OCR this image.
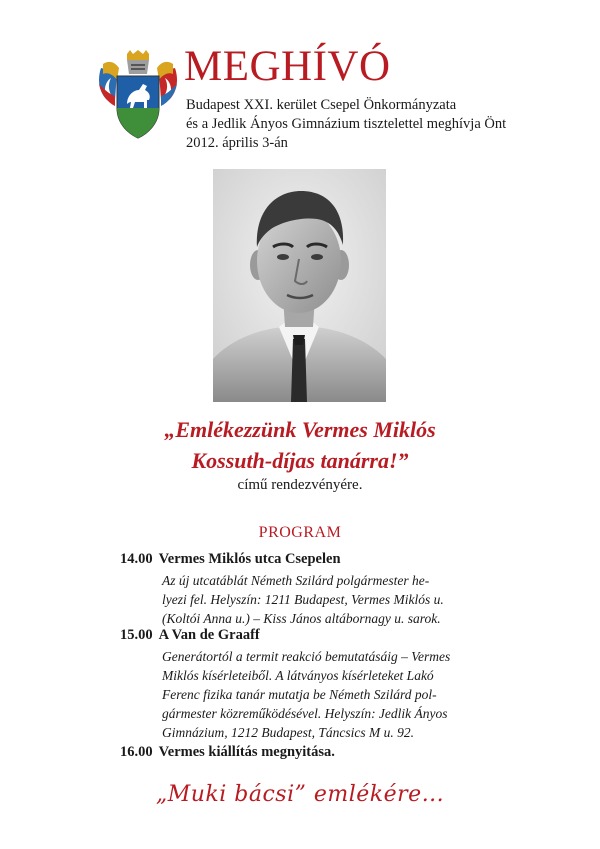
MEGHÍVÓ
Budapest XXI. kerület Csepel Önkormányzata
és a Jedlik Ányos Gimnázium tisztelettel meghívja Önt
2012. április 3-án
„Emlékezzünk Vermes Miklós
Kossuth-díjas tanárra!”
című rendezvényére.
PROGRAM
14.00 Vermes Miklós utca Csepelen
Az új utcatáblát Németh Szilárd polgármester he-
lyezi fel. Helyszín: 1211 Budapest, Vermes Miklós u.
(Koltói Anna u.) – Kiss János altábornagy u. sarok.
15.00 A Van de Graaff
Generátortól a termit reakció bemutatásáig – Vermes
Miklós kísérleteiből. A látványos kísérleteket Lakó
Ferenc fizika tanár mutatja be Németh Szilárd pol-
gármester közreműködésével. Helyszín: Jedlik Ányos
Gimnázium, 1212 Budapest, Táncsics M u. 92.
16.00 Vermes kiállítás megnyitása.
„Muki bácsi” emlékére...
